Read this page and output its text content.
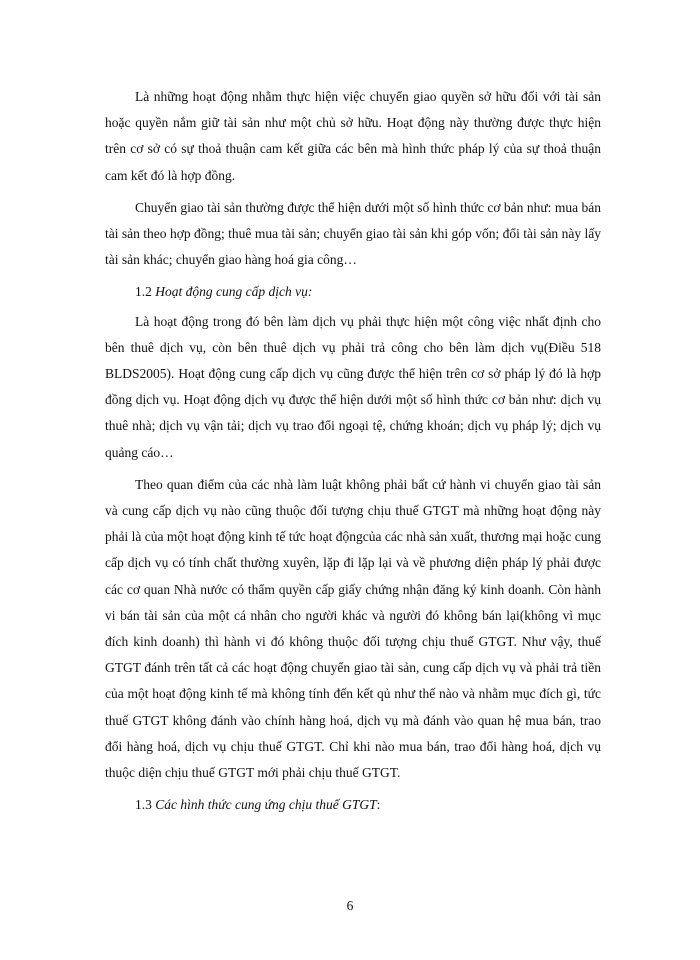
Là những hoạt động nhằm thực hiện việc chuyển giao quyền sở hữu đối với tài sản hoặc quyền nắm giữ tài sản như một chủ sở hữu. Hoạt động này thường được thực hiện trên cơ sở có sự thoả thuận cam kết giữa các bên mà hình thức pháp lý của sự thoả thuận cam kết đó là hợp đồng.

Chuyển giao tài sản thường được thể hiện dưới một số hình thức cơ bản như: mua bán tài sản theo hợp đồng; thuê mua tài sản; chuyển giao tài sản khi góp vốn; đổi tài sản này lấy tài sản khác; chuyển giao hàng hoá gia công…

1.2 Hoạt động cung cấp dịch vụ:

Là hoạt động trong đó bên làm dịch vụ phải thực hiện một công việc nhất định cho bên thuê dịch vụ, còn bên thuê dịch vụ phải trả công cho bên làm dịch vụ(Điều 518 BLDS2005). Hoạt động cung cấp dịch vụ cũng được thể hiện trên cơ sở pháp lý đó là hợp đồng dịch vụ. Hoạt động dịch vụ được thể hiện dưới một số hình thức cơ bản như: dịch vụ thuê nhà; dịch vụ vận tải; dịch vụ trao đổi ngoại tệ, chứng khoán; dịch vụ pháp lý; dịch vụ quảng cáo…

Theo quan điểm của các nhà làm luật không phải bất cứ hành vi chuyển giao tài sản và cung cấp dịch vụ nào cũng thuộc đối tượng chịu thuế GTGT mà những hoạt động này phải là của một hoạt động kinh tế tức hoạt độngcủa các nhà sản xuất, thương mại hoặc cung cấp dịch vụ có tính chất thường xuyên, lặp đi lặp lại và về phương diện pháp lý phải được các cơ quan Nhà nước có thẩm quyền cấp giấy chứng nhận đăng ký kinh doanh. Còn hành vi bán tài sản của một cá nhân cho người khác và người đó không bán lại(không vì mục đích kinh doanh) thì hành vi đó không thuộc đối tượng chịu thuế GTGT. Như vậy, thuế GTGT đánh trên tất cả các hoạt động chuyển giao tài sản, cung cấp dịch vụ và phải trả tiền của một hoạt động kinh tế mà không tính đến kết qủ như thế nào và nhằm mục đích gì, tức thuế GTGT không đánh vào chính hàng hoá, dịch vụ mà đánh vào quan hệ mua bán, trao đổi hàng hoá, dịch vụ chịu thuế GTGT. Chỉ khi nào mua bán, trao đổi hàng hoá, dịch vụ thuộc diện chịu thuế GTGT mới phải chịu thuế GTGT.

1.3 Các hình thức cung ứng chịu thuế GTGT:

6
